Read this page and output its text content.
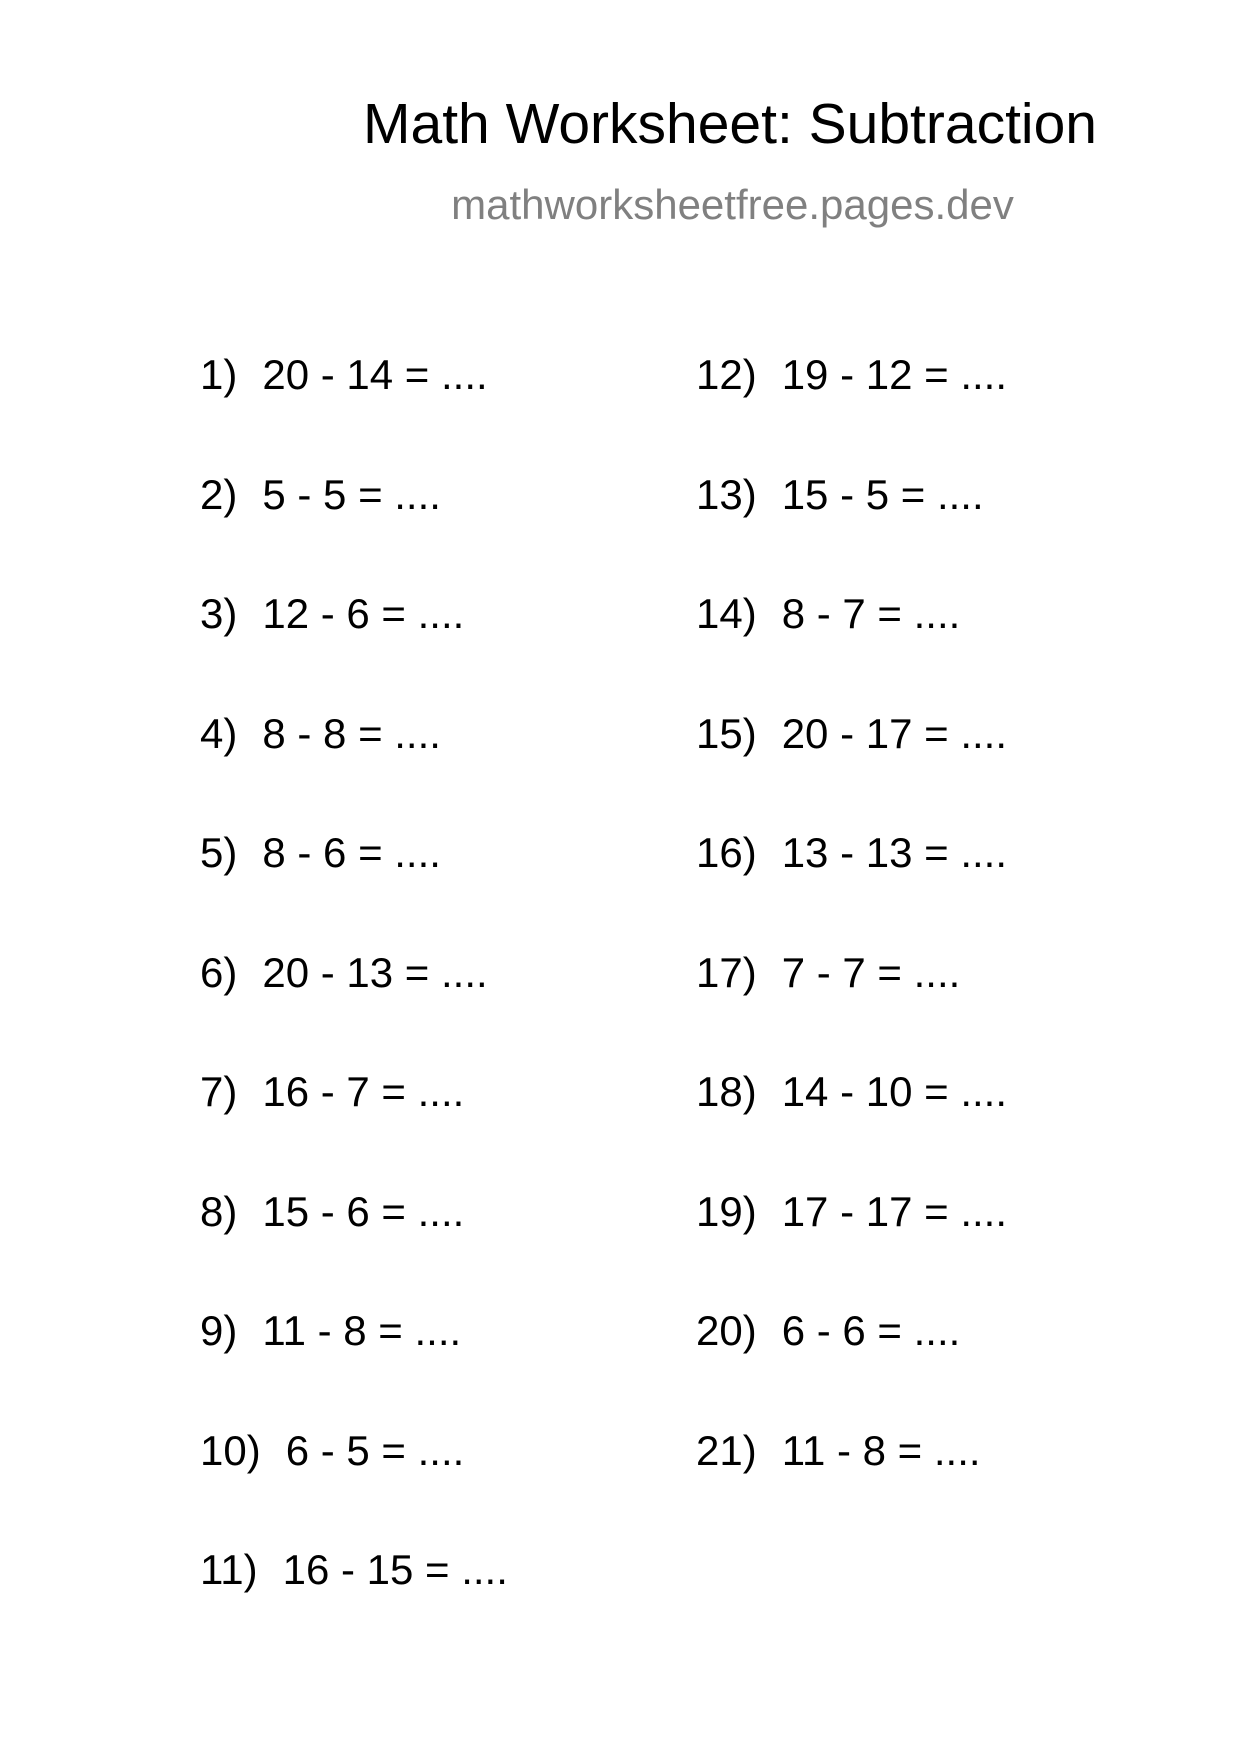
Math Worksheet: Subtraction
mathworksheetfree.pages.dev
1) 20 - 14 = ....
2) 5 - 5 = ....
3) 12 - 6 = ....
4) 8 - 8 = ....
5) 8 - 6 = ....
6) 20 - 13 = ....
7) 16 - 7 = ....
8) 15 - 6 = ....
9) 11 - 8 = ....
10) 6 - 5 = ....
11) 16 - 15 = ....
12) 19 - 12 = ....
13) 15 - 5 = ....
14) 8 - 7 = ....
15) 20 - 17 = ....
16) 13 - 13 = ....
17) 7 - 7 = ....
18) 14 - 10 = ....
19) 17 - 17 = ....
20) 6 - 6 = ....
21) 11 - 8 = ....
